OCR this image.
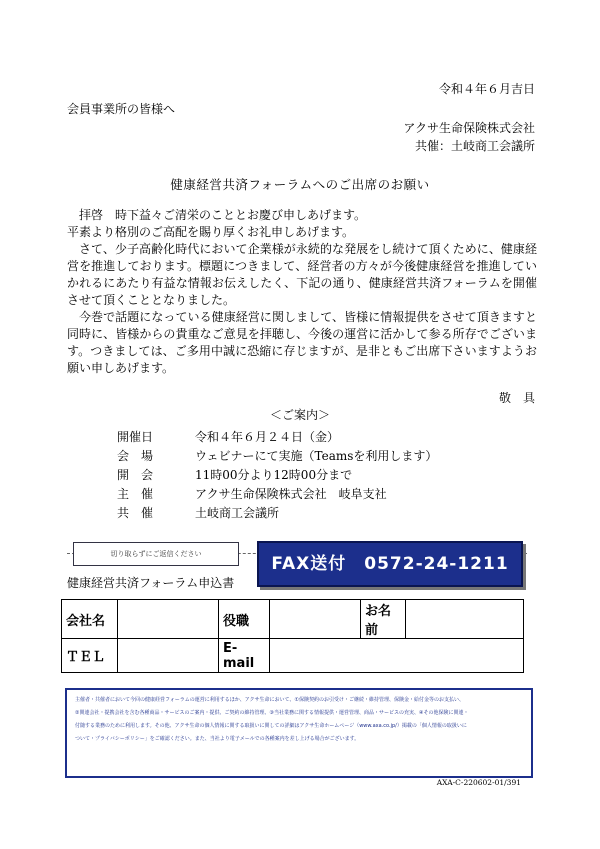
令和４年６月吉日
会員事業所の皆様へ
アクサ生命保険株式会社
共催：土岐商工会議所
健康経営共済フォーラムへのご出席のお願い

拝啓　時下益々ご清栄のこととお慶び申しあげます。

平素より格別のご高配を賜り厚くお礼申しあげます。

さて、少子高齢化時代において企業様が永続的な発展をし続けて頂くために、健康経営を推進しております。標題につきまして、経営者の方々が今後健康経営を推進していかれるにあたり有益な情報お伝えしたく、下記の通り、健康経営共済フォーラムを開催させて頂くこととなりました。

今巻で話題になっている健康経営に関しまして、皆様に情報提供をさせて頂きますと同時に、皆様からの貴重なご意見を拝聴し、今後の運営に活かして参る所存でございます。つきましては、ご多用中誠に恐縮に存じますが、是非ともご出席下さいますようお願い申しあげます。

敬　具
＜ご案内＞
開催日	令和４年６月２４日（金）
会　場	ウェビナーにて実施（Teamsを利用します）
開　会	11時00分より12時00分まで
主　催	アクサ生命保険株式会社　岐阜支社
共　催	土岐商工会議所
切り取らずにご返信ください	FAX送付　0572-24-1211
健康経営共済フォーラム申込書
会社名		役職		お名前	
ＴＥＬ		E-mail			
主催者・共催者において今回の健康経営フォーラムの運営に利用するほか、アクサ生命において、①保険契約のお引受け・ご継続・維持管理、保険金・給付金等のお支払い、
②関連会社・提携会社を含む各種商品・サービスのご案内・提供、ご契約の維持管理、③当社業務に関する情報提供・運営管理、商品・サービスの充実、④その他保険に関連・
付随する業務のために利用します。その他、アクサ生命の個人情報に関する取扱いに関しての詳細はアクサ生命ホームページ（www.axa.co.jp/）掲載の「個人情報の取扱いに
ついて・プライバシーポリシー」をご確認ください。また、当社より電子メールでの各種案内を差し上げる場合がございます。
AXA-C-220602-01/391
